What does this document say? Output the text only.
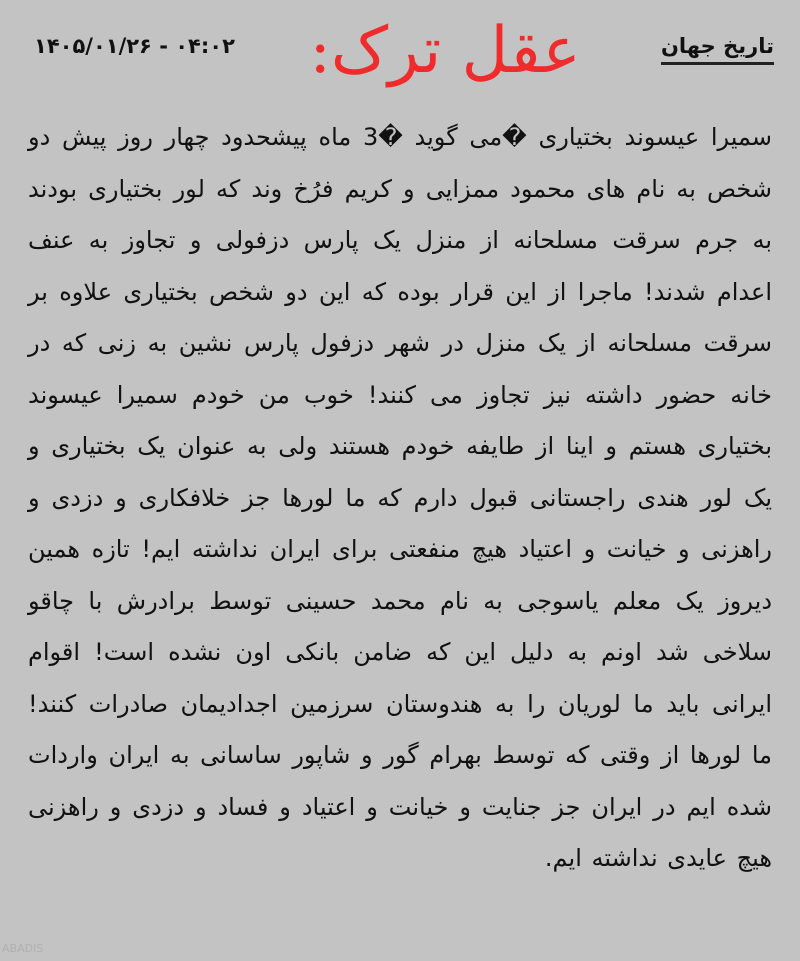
تاریخ جهان
عقل ترک:
۱۴۰۵/۰۱/۲۶ - ۰۴:۰۲
سمیرا عیسوند بختیاری �می گوید �3 ماه پیشحدود چهار روز پیش دو شخص به نام های محمود ممزایی و کریم فرُخ وند که لور بختیاری بودند به جرم سرقت مسلحانه از منزل یک پارس دزفولی و تجاوز به عنف اعدام شدند! ماجرا از این قرار بوده که این دو شخص بختیاری علاوه بر سرقت مسلحانه از یک منزل در شهر دزفول پارس نشین به زنی که در خانه حضور داشته نیز تجاوز می کنند! خوب من خودم سمیرا عیسوند بختیاری هستم و اینا از طایفه خودم هستند ولی به عنوان یک بختیاری و یک لور هندی راجستانی قبول دارم که ما لورها جز خلافکاری و دزدی و راهزنی و خیانت و اعتیاد هیچ منفعتی برای ایران نداشته ایم! تازه همین دیروز یک معلم یاسوجی به نام محمد حسینی توسط برادرش با چاقو سلاخی شد اونم به دلیل این که ضامن بانکی اون نشده است! اقوام ایرانی باید ما لوریان را به هندوستان سرزمین اجدادیمان صادرات کنند! ما لورها از وقتی که توسط بهرام گور و شاپور ساسانی به ایران واردات شده ایم در ایران جز جنایت و خیانت و اعتیاد و فساد و دزدی و راهزنی هیچ عایدی نداشته ایم.
ABADIS
